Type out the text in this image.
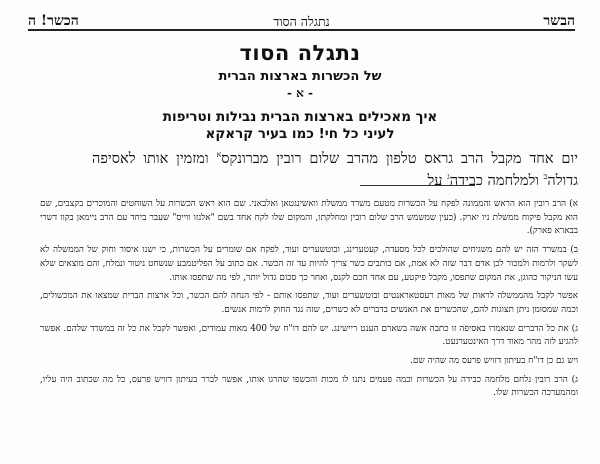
הכשר! ה	נתגלה הסוד	הבשר
נתגלה הסוד
של הכשרות בארצות הברית
- א -
איך מאכילים בארצות הברית נבילות וטריפות
לעיני כל חי! כמו בעיר קראקא
יום אחד מקבל הרב גראס טלפון מהרב שלום רובין מברונקס$^א$ ומזמין אותו לאסיפה גדולה$^ב$ ולמלחמה כבידה$^ג$ על

א) הרב רובין הוא הראש והממונה לפקח על הכשרות מטעם משרד ממשלת וואשינגטאן ואלבאני. שם הוא ראש הכשרות על השוחטים והמוכרים בקצבים, שם הוא מקבל פיקוח ממשלת ניו יארק. (כעין שמשמש הרב שלום רובין ומחלקתו, והמקום שלו לקח אחד בשם "אלנזו ווייס" שעבר ביחד עם הרב ניימאן בקוו דשרי בבארא פארק).

ב) במשרד הזה יש להם משגיחים שהולכים לכל מסעדה, קעטערינג, ובוטשערים ועוד, לפקח אם שומרים על הכשרות, כי ישנו איסור וחוק של הממשלה לא לשקר ולרמות ולמכור לכן אדם דבר שזה לא אמת, אם כותבים כשר צריך להיות עד זה הכשר. אם כתוב על הפליטמבע שנשחט ניטור ונמלח, והם מוצאים שלא עשו הניקור כהוגן, את המקום שתפסו, מקבל פיקטע, עם אחד חכם לקנס, ואחר כך סכום גדול יותר, לפי מה שתפסו אותו.

אפשר לקבל מהממשלה לראות של מאות רעסטאראנטים ובוטשערים ועוד, שתפסו אותם - לפי הנחה להם הכשר, וכל ארצות הברית שמצאו את המכשולים, וכמה שמסומן ניתן תצוגות להם, שהכשרים את האנשים בדברים לא כשרים, שזה נגד החוק לרמות אנשים.

ג) את כל הדברים שנאמרו באסיפה זו כתבה אשה בשארם הענט ריישינג. יש להם דו"ח של 400 מאות עמודים, ואפשר לקבל את כל זה במשרד שלהם. אפשר להגיע לזה מהר מאוד דרך האינטערנעט.

ויש גם כן דו"ח בעיתון דזויש פרעס מה שהיה שם.

ג) הרב רובין נלחם מלחמה כבידה על הכשרות וכמה פעמים נתנו לו מכות והכשפו שהרגו אותו, אפשר לברר בעיתון דזויש פרעס, כל מה שכתוב היה עליו, ומהמערכה הכשרות שלו.
